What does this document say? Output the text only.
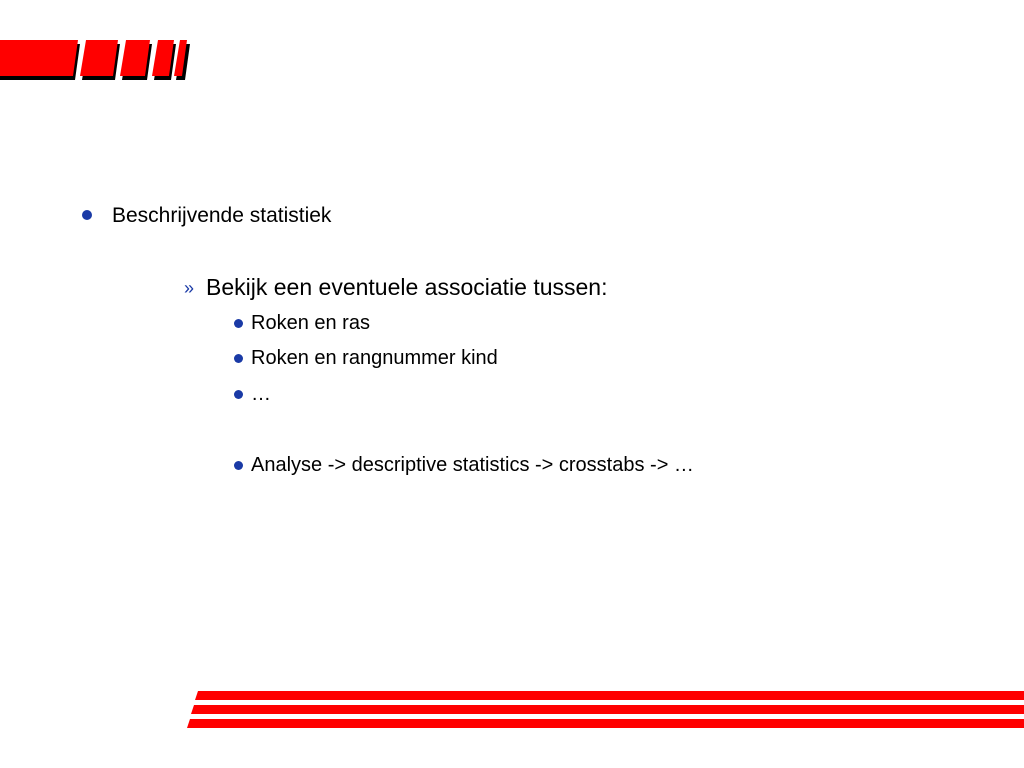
Beschrijvende statistiek
» Bekijk een eventuele associatie tussen:
Roken en ras
Roken en rangnummer kind
…
Analyse -> descriptive statistics -> crosstabs -> …
